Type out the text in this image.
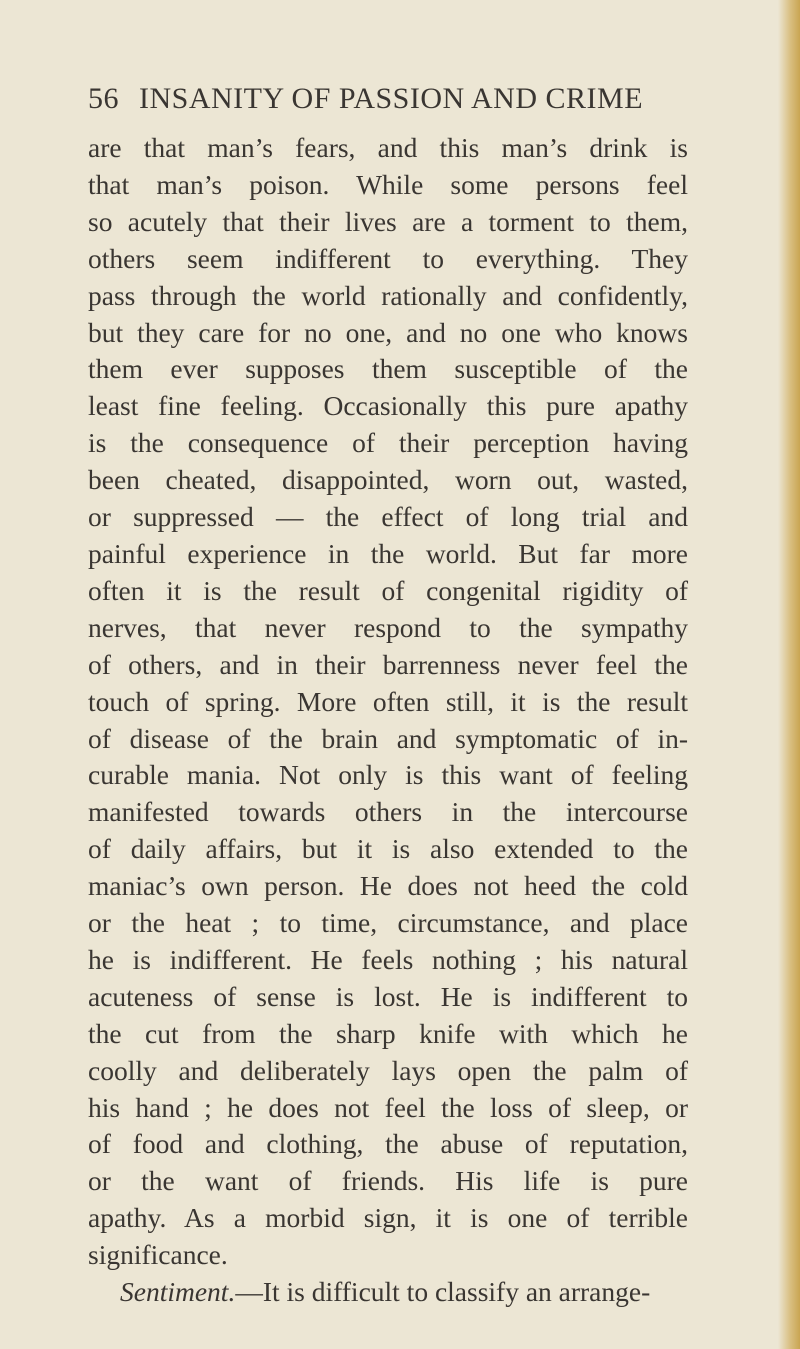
56 INSANITY OF PASSION AND CRIME
are that man’s fears, and this man’s drink is
that man’s poison. While some persons feel
so acutely that their lives are a torment to them,
others seem indifferent to everything. They
pass through the world rationally and confidently,
but they care for no one, and no one who knows
them ever supposes them susceptible of the
least fine feeling. Occasionally this pure apathy
is the consequence of their perception having
been cheated, disappointed, worn out, wasted,
or suppressed — the effect of long trial and
painful experience in the world. But far more
often it is the result of congenital rigidity of
nerves, that never respond to the sympathy
of others, and in their barrenness never feel the
touch of spring. More often still, it is the result
of disease of the brain and symptomatic of in-
curable mania. Not only is this want of feeling
manifested towards others in the intercourse
of daily affairs, but it is also extended to the
maniac’s own person. He does not heed the cold
or the heat ; to time, circumstance, and place
he is indifferent. He feels nothing ; his natural
acuteness of sense is lost. He is indifferent to
the cut from the sharp knife with which he
coolly and deliberately lays open the palm of
his hand ; he does not feel the loss of sleep, or
of food and clothing, the abuse of reputation,
or the want of friends. His life is pure
apathy. As a morbid sign, it is one of terrible
significance.
Sentiment.—It is difficult to classify an arrange-
